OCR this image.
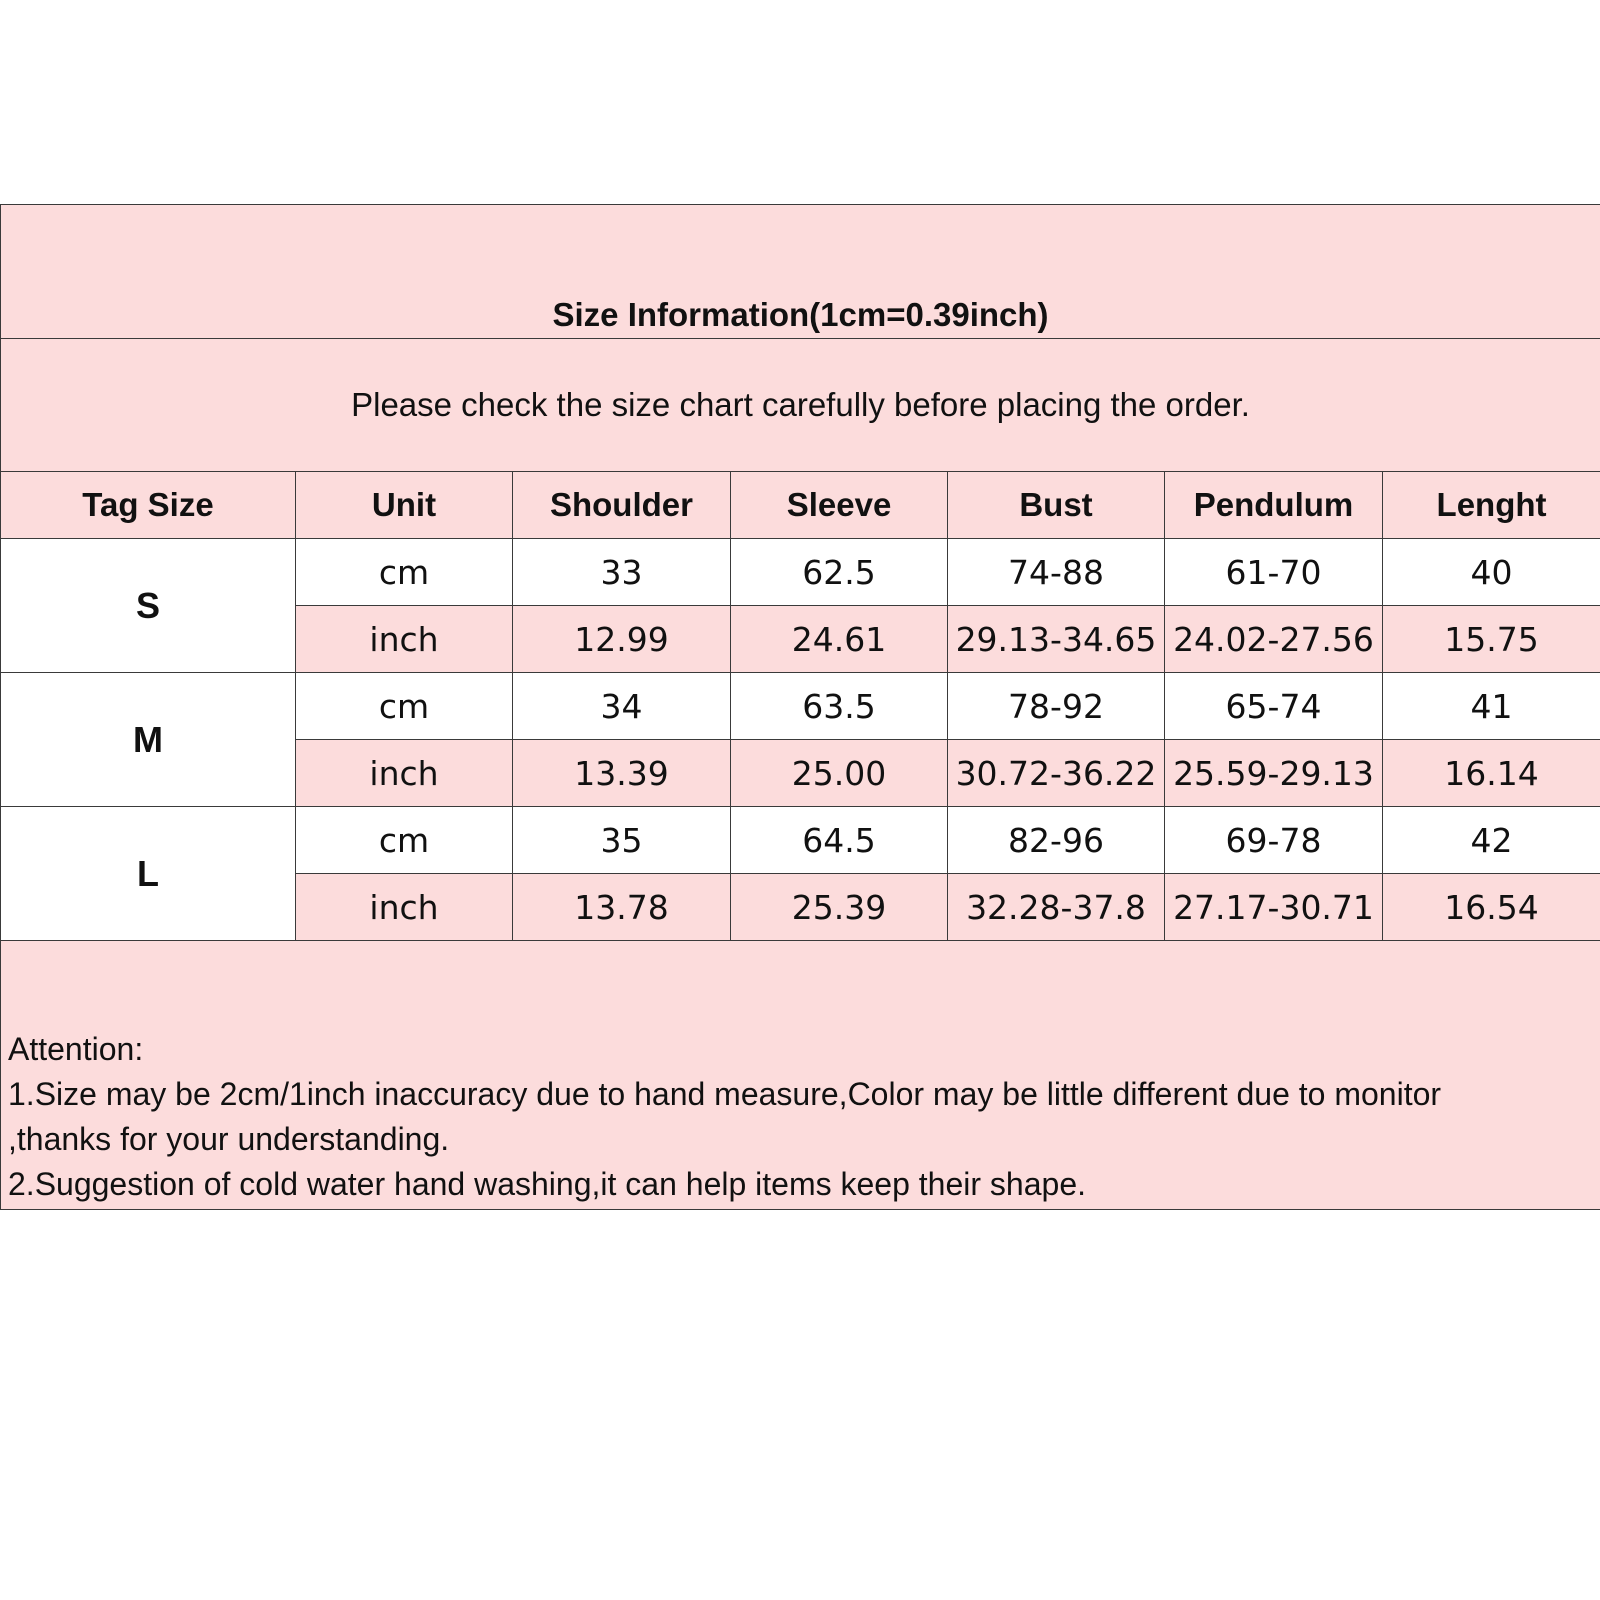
Size Information(1cm=0.39inch)						
Please check the size chart carefully before placing the order.						
Tag Size	Unit	Shoulder	Sleeve	Bust	Pendulum	Lenght
S	cm	33	62.5	74-88	61-70	40
	inch	12.99	24.61	29.13-34.65	24.02-27.56	15.75
M	cm	34	63.5	78-92	65-74	41
	inch	13.39	25.00	30.72-36.22	25.59-29.13	16.14
L	cm	35	64.5	82-96	69-78	42
	inch	13.78	25.39	32.28-37.8	27.17-30.71	16.54

Attention:
1.Size may be 2cm/1inch inaccuracy due to hand measure,Color may be little different due to monitor
,thanks for your understanding.
2.Suggestion of cold water hand washing,it can help items keep their shape.						
